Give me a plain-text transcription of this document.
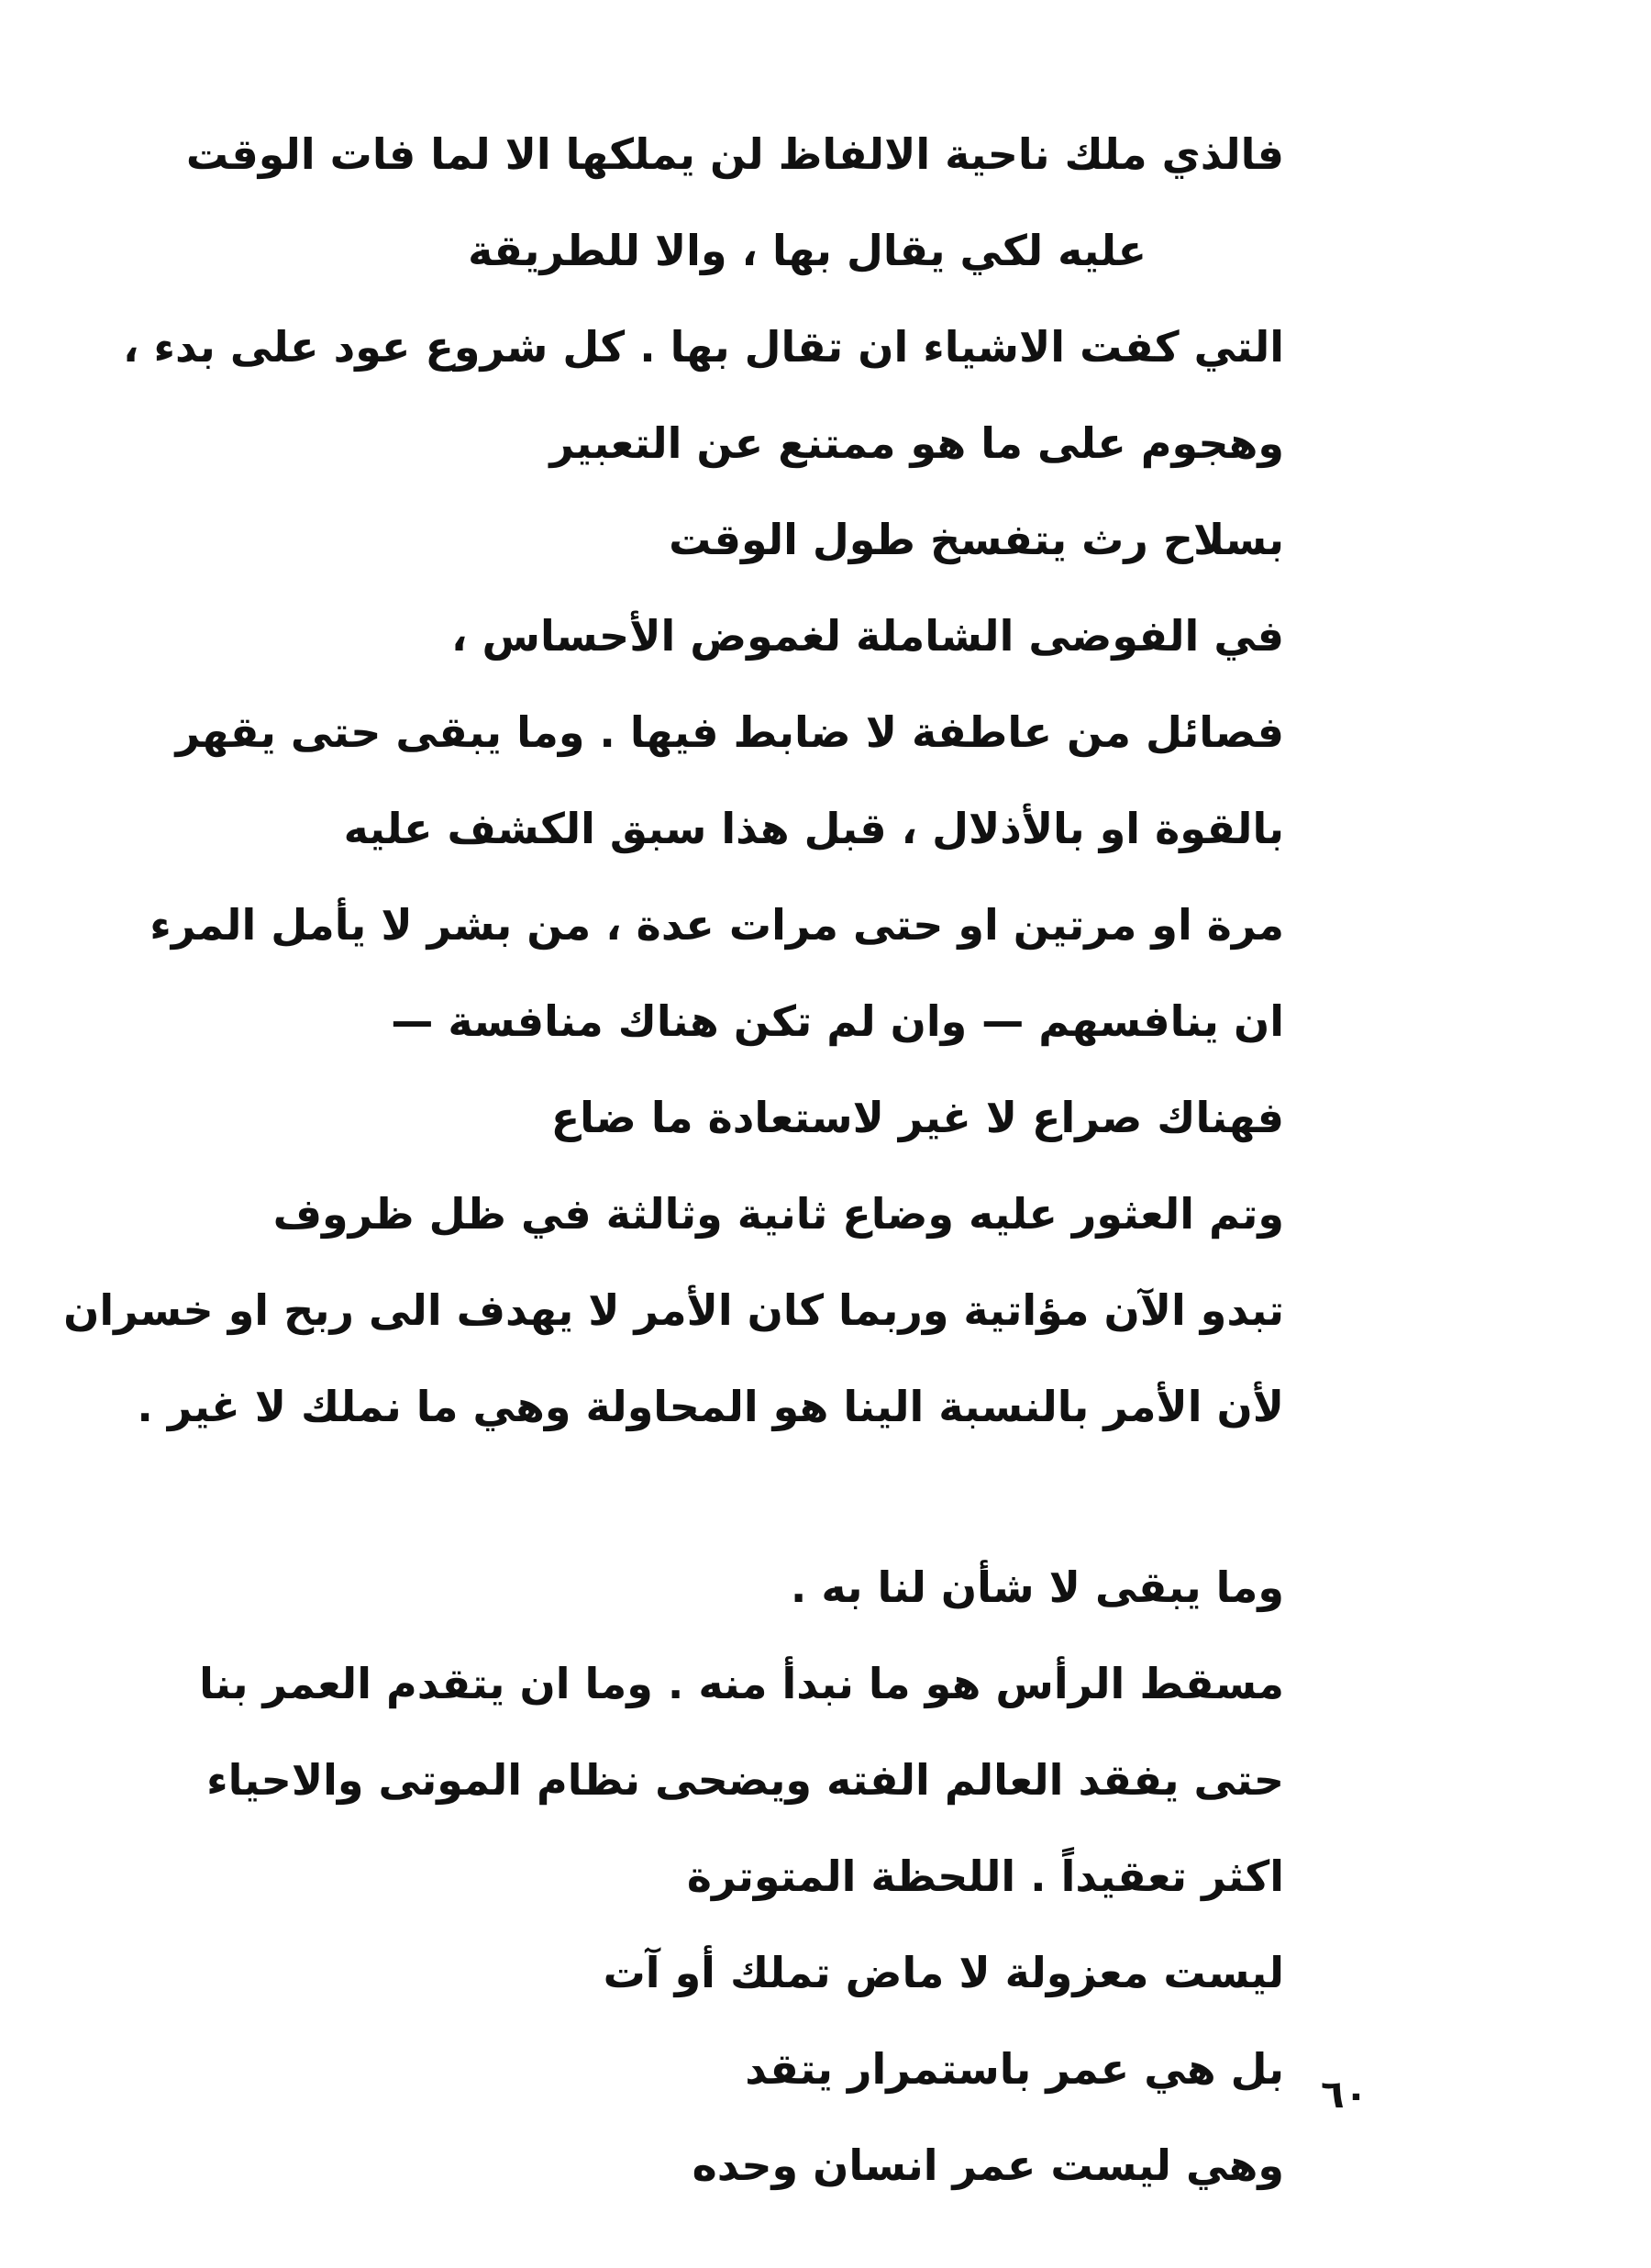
فالذي ملك ناحية الالفاظ لن يملكها الا لما فات الوقت
عليه لكي يقال بها ، والا للطريقة
التي كفت الاشياء ان تقال بها . كل شروع عود على بدء ،
وهجوم على ما هو ممتنع عن التعبير
بسلاح رث يتفسخ طول الوقت
في الفوضى الشاملة لغموض الأحساس ،
فصائل من عاطفة لا ضابط فيها . وما يبقى حتى يقهر
بالقوة او بالأذلال ، قبل هذا سبق الكشف عليه
مرة او مرتين او حتى مرات عدة ، من بشر لا يأمل المرء
ان ينافسهم — وان لم تكن هناك منافسة —
فهناك صراع لا غير لاستعادة ما ضاع
وتم العثور عليه وضاع ثانية وثالثة في ظل ظروف
تبدو الآن مؤاتية وربما كان الأمر لا يهدف الى ربح او خسران
لأن الأمر بالنسبة الينا هو المحاولة وهي ما نملك لا غير .
وما يبقى لا شأن لنا به .
مسقط الرأس هو ما نبدأ منه . وما ان يتقدم العمر بنا
حتى يفقد العالم الفته ويضحى نظام الموتى والاحياء
اكثر تعقيداً . اللحظة المتوترة
ليست معزولة لا ماض تملك أو آت
بل هي عمر باستمرار يتقد
وهي ليست عمر انسان وحده
٦٠
